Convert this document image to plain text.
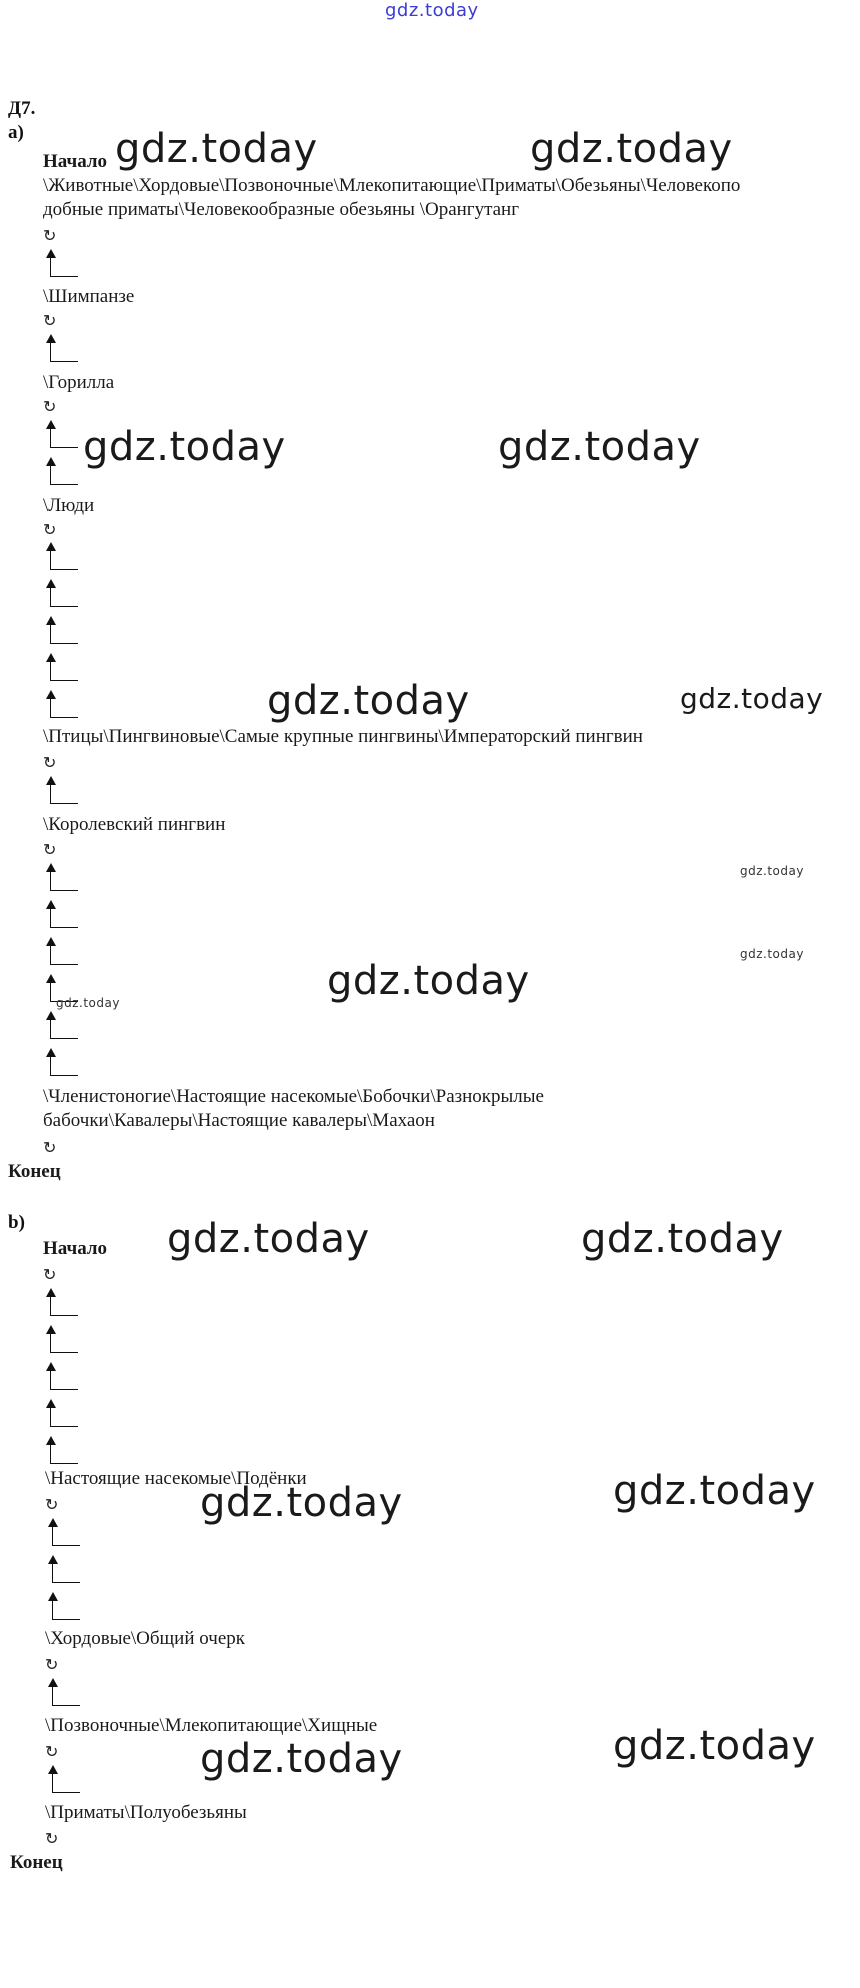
gdz.today
Д7.
а)
Начало
\Животные\Хордовые\Позвоночные\Млекопитающие\Приматы\Обезьяны\Человекопо
добные приматы\Человекообразные обезьяны \Орангутанг
↻
\Шимпанзе
↻
\Горилла
↻
\Люди
↻
\Птицы\Пингвиновые\Самые крупные пингвины\Императорский пингвин
↻
\Королевский пингвин
↻
\Членистоногие\Настоящие насекомые\Бобочки\Разнокрылые
бабочки\Кавалеры\Настоящие кавалеры\Махаон
↻
Конец
b)
Начало
↻
\Настоящие насекомые\Подёнки
↻
\Хордовые\Общий очерк
↻
\Позвоночные\Млекопитающие\Хищные
↻
\Приматы\Полуобезьяны
↻
Конец
gdz.today	gdz.today
gdz.today	gdz.today
gdz.today	gdz.today
gdz.today
gdz.today
gdz.today	gdz.today
gdz.today	gdz.today
gdz.today
gdz.today
gdz.today
gdz.today
